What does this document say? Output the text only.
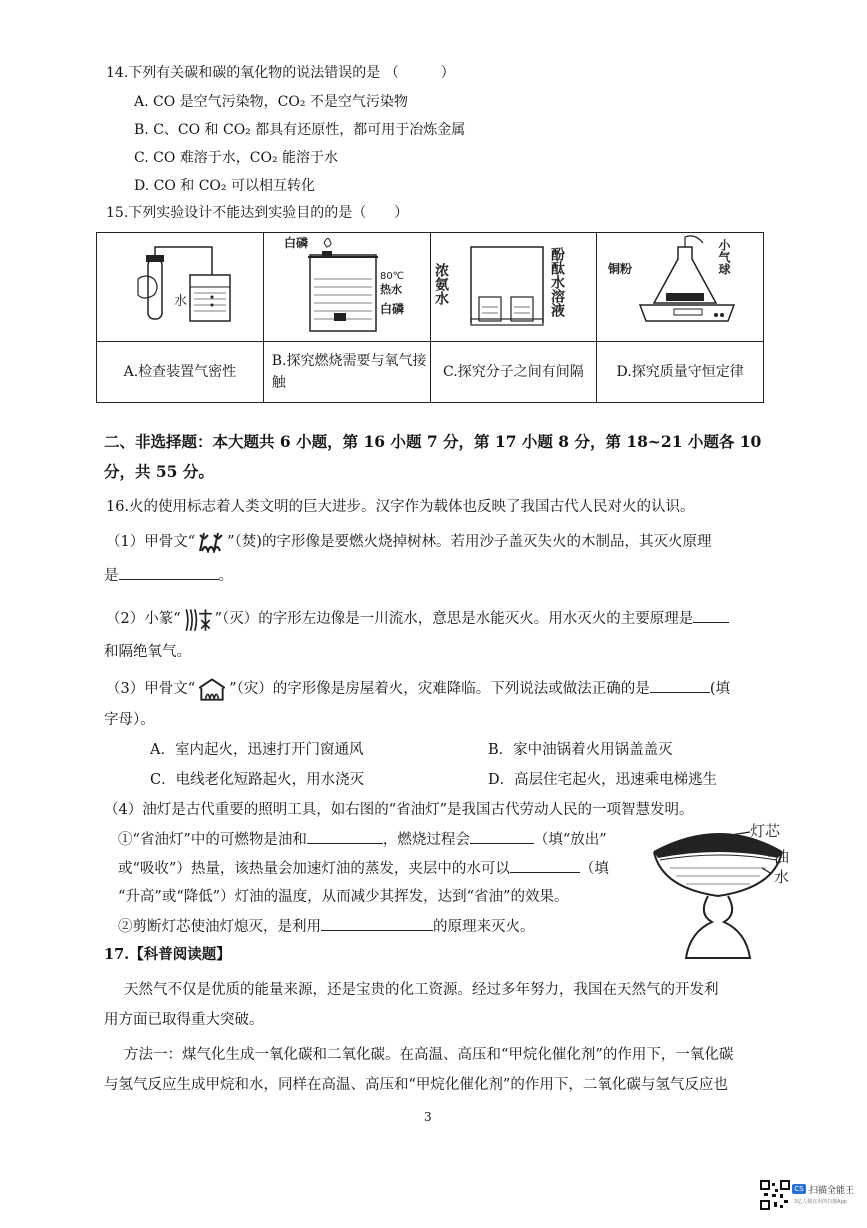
14.下列有关碳和碳的氧化物的说法错误的是 （　　　）
A. CO 是空气污染物，CO₂ 不是空气污染物
B. C、CO 和 CO₂ 都具有还原性，都可用于冶炼金属
C. CO 难溶于水，CO₂ 能溶于水
D. CO 和 CO₂ 可以相互转化
15.下列实验设计不能达到实验目的的是（　　）
水	白磷
80℃
热水
白磷	浓氨水 酚酞水溶液	铜粉 小气球

A.检查装置气密性	B.探究燃烧需要与氧气接触	C.探究分子之间有间隔	D.探究质量守恒定律
二、非选择题：本大题共 6 小题，第 16 小题 7 分，第 17 小题 8 分，第 18~21 小题各 10
分，共 55 分。
16.火的使用标志着人类文明的巨大进步。汉字作为载体也反映了我国古代人民对火的认识。
（1）甲骨文“ ”（焚)的字形像是要燃火烧掉树林。若用沙子盖灭失火的木制品，其灭火原理
是	。
（2）小篆“ ”（灭）的字形左边像是一川流水，意思是水能灭火。用水灭火的主要原理是
和隔绝氧气。
（3）甲骨文“ ”（灾）的字形像是房屋着火，灾难降临。下列说法或做法正确的是	(填
字母）。
A．室内起火，迅速打开门窗通风	B．家中油锅着火用锅盖盖灭
C．电线老化短路起火，用水浇灭	D．高层住宅起火，迅速乘电梯逃生
（4）油灯是古代重要的照明工具，如右图的“省油灯”是我国古代劳动人民的一项智慧发明。
①“省油灯”中的可燃物是油和	，燃烧过程会	（填“放出”
或“吸收”）热量，该热量会加速灯油的蒸发，夹层中的水可以	（填
“升高”或“降低”）灯油的温度，从而减少其挥发，达到“省油”的效果。
②剪断灯芯使油灯熄灭，是利用	的原理来灭火。
灯芯
油
水
17.【科普阅读题】
天然气不仅是优质的能量来源，还是宝贵的化工资源。经过多年努力，我国在天然气的开发利
用方面已取得重大突破。
方法一：煤气化生成一氧化碳和二氧化碳。在高温、高压和“甲烷化催化剂”的作用下，一氧化碳
与氢气反应生成甲烷和水，同样在高温、高压和“甲烷化催化剂”的作用下，二氧化碳与氢气反应也
3
CS 扫描全能王
3亿人都在用的扫描App
